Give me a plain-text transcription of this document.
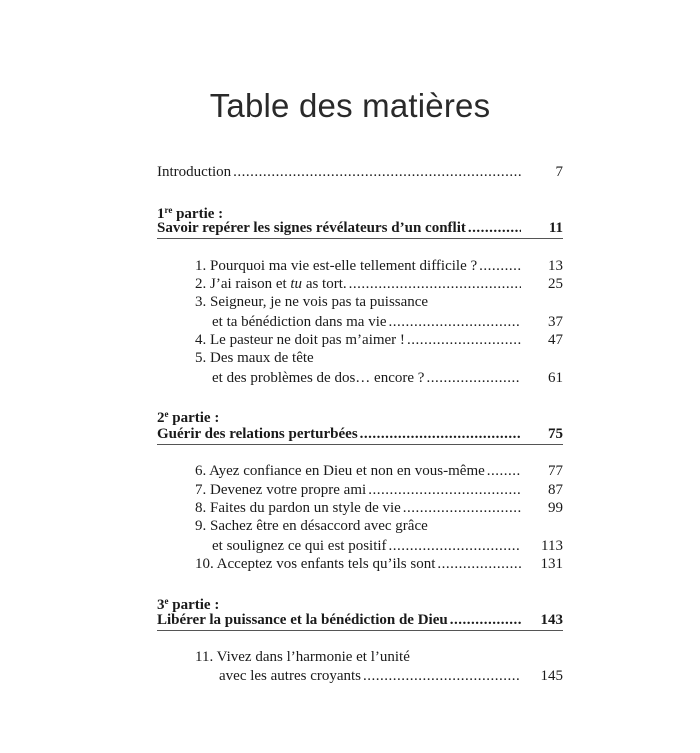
Table des matières
Introduction .....	7
1re partie :
Savoir repérer les signes révélateurs d’un conflit .....	11
1. Pourquoi ma vie est-elle tellement difficile ? .....	13
2. J’ai raison et tu as tort. .....	25
3. Seigneur, je ne vois pas ta puissance
et ta bénédiction dans ma vie .....	37
4. Le pasteur ne doit pas m’aimer ! .....	47
5. Des maux de tête
et des problèmes de dos… encore ? .....	61
2e partie :
Guérir des relations perturbées .....	75
6. Ayez confiance en Dieu et non en vous-même .....	77
7. Devenez votre propre ami .....	87
8. Faites du pardon un style de vie .....	99
9. Sachez être en désaccord avec grâce
et soulignez ce qui est positif .....	113
10. Acceptez vos enfants tels qu’ils sont .....	131
3e partie :
Libérer la puissance et la bénédiction de Dieu .....	143
11. Vivez dans l’harmonie et l’unité
avec les autres croyants .....	145
